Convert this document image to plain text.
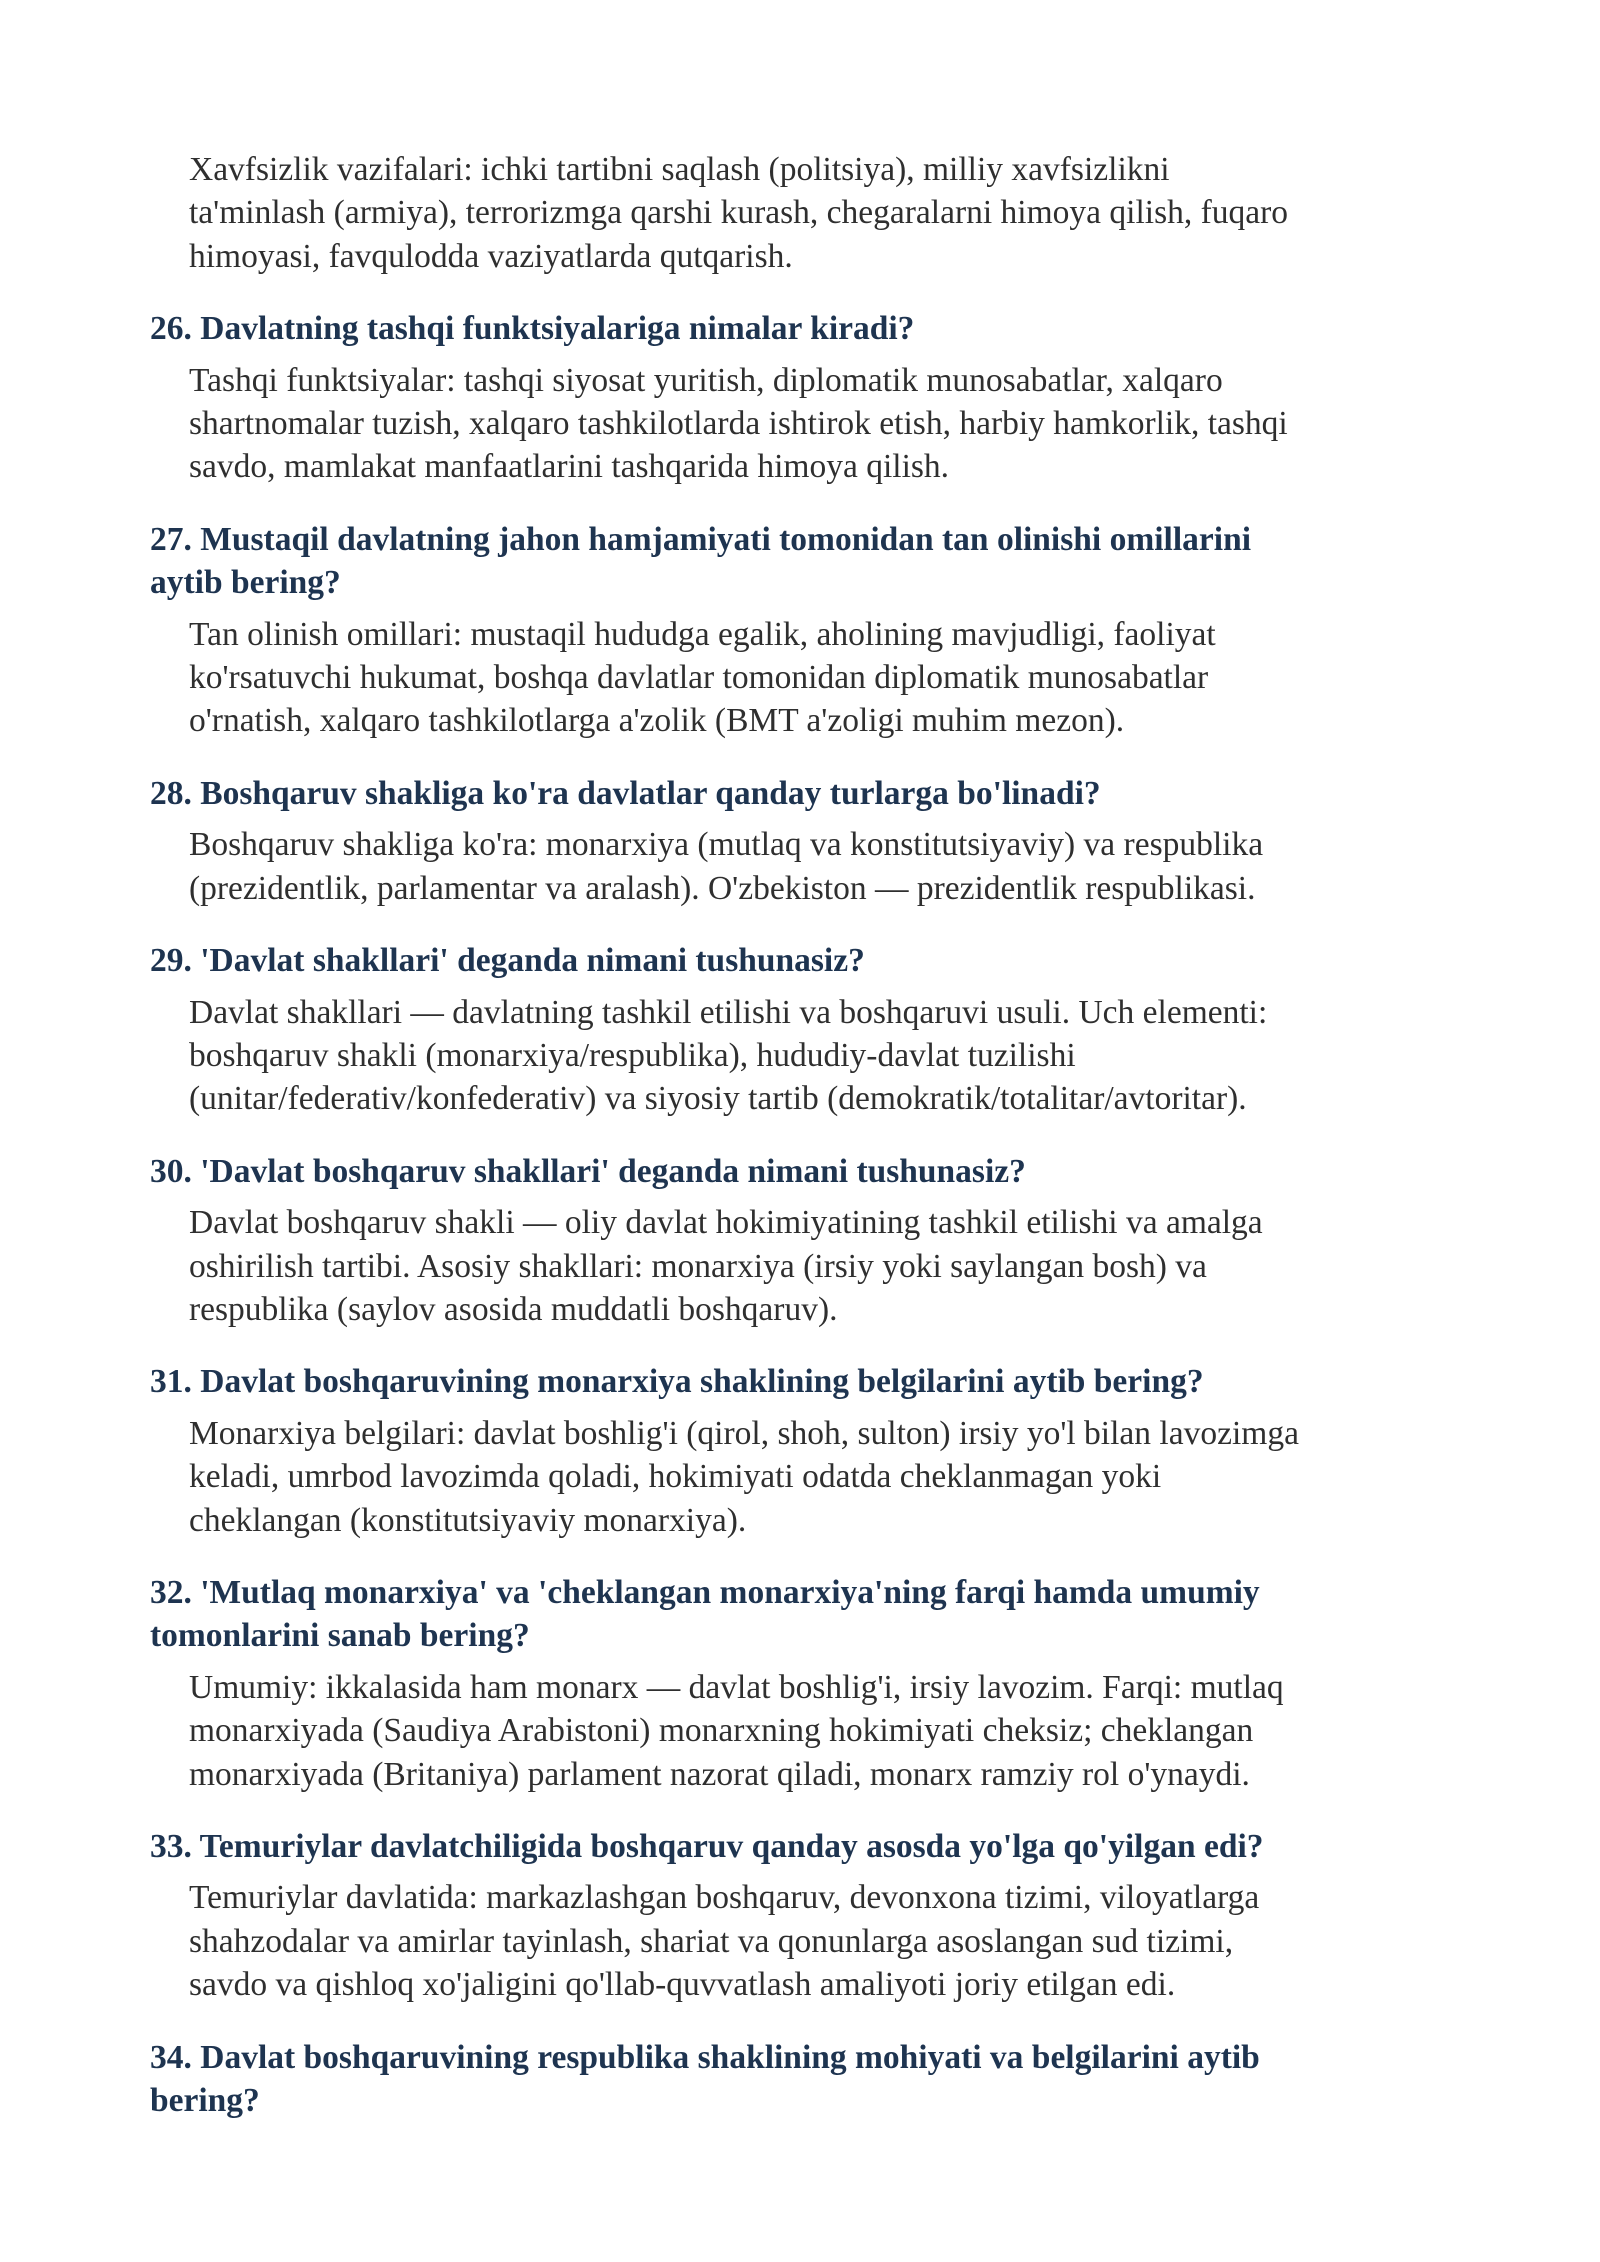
Xavfsizlik vazifalari: ichki tartibni saqlash (politsiya), milliy xavfsizlikni
ta'minlash (armiya), terrorizmga qarshi kurash, chegaralarni himoya qilish, fuqaro
himoyasi, favqulodda vaziyatlarda qutqarish.
26. Davlatning tashqi funktsiyalariga nimalar kiradi?
Tashqi funktsiyalar: tashqi siyosat yuritish, diplomatik munosabatlar, xalqaro
shartnomalar tuzish, xalqaro tashkilotlarda ishtirok etish, harbiy hamkorlik, tashqi
savdo, mamlakat manfaatlarini tashqarida himoya qilish.
27. Mustaqil davlatning jahon hamjamiyati tomonidan tan olinishi omillarini
aytib bering?
Tan olinish omillari: mustaqil hududga egalik, aholining mavjudligi, faoliyat
ko'rsatuvchi hukumat, boshqa davlatlar tomonidan diplomatik munosabatlar
o'rnatish, xalqaro tashkilotlarga a'zolik (BMT a'zoligi muhim mezon).
28. Boshqaruv shakliga ko'ra davlatlar qanday turlarga bo'linadi?
Boshqaruv shakliga ko'ra: monarxiya (mutlaq va konstitutsiyaviy) va respublika
(prezidentlik, parlamentar va aralash). O'zbekiston — prezidentlik respublikasi.
29. 'Davlat shakllari' deganda nimani tushunasiz?
Davlat shakllari — davlatning tashkil etilishi va boshqaruvi usuli. Uch elementi:
boshqaruv shakli (monarxiya/respublika), hududiy-davlat tuzilishi
(unitar/federativ/konfederativ) va siyosiy tartib (demokratik/totalitar/avtoritar).
30. 'Davlat boshqaruv shakllari' deganda nimani tushunasiz?
Davlat boshqaruv shakli — oliy davlat hokimiyatining tashkil etilishi va amalga
oshirilish tartibi. Asosiy shakllari: monarxiya (irsiy yoki saylangan bosh) va
respublika (saylov asosida muddatli boshqaruv).
31. Davlat boshqaruvining monarxiya shaklining belgilarini aytib bering?
Monarxiya belgilari: davlat boshlig'i (qirol, shoh, sulton) irsiy yo'l bilan lavozimga
keladi, umrbod lavozimda qoladi, hokimiyati odatda cheklanmagan yoki
cheklangan (konstitutsiyaviy monarxiya).
32. 'Mutlaq monarxiya' va 'cheklangan monarxiya'ning farqi hamda umumiy
tomonlarini sanab bering?
Umumiy: ikkalasida ham monarx — davlat boshlig'i, irsiy lavozim. Farqi: mutlaq
monarxiyada (Saudiya Arabistoni) monarxning hokimiyati cheksiz; cheklangan
monarxiyada (Britaniya) parlament nazorat qiladi, monarx ramziy rol o'ynaydi.
33. Temuriylar davlatchiligida boshqaruv qanday asosda yo'lga qo'yilgan edi?
Temuriylar davlatida: markazlashgan boshqaruv, devonxona tizimi, viloyatlarga
shahzodalar va amirlar tayinlash, shariat va qonunlarga asoslangan sud tizimi,
savdo va qishloq xo'jaligini qo'llab-quvvatlash amaliyoti joriy etilgan edi.
34. Davlat boshqaruvining respublika shaklining mohiyati va belgilarini aytib
bering?
